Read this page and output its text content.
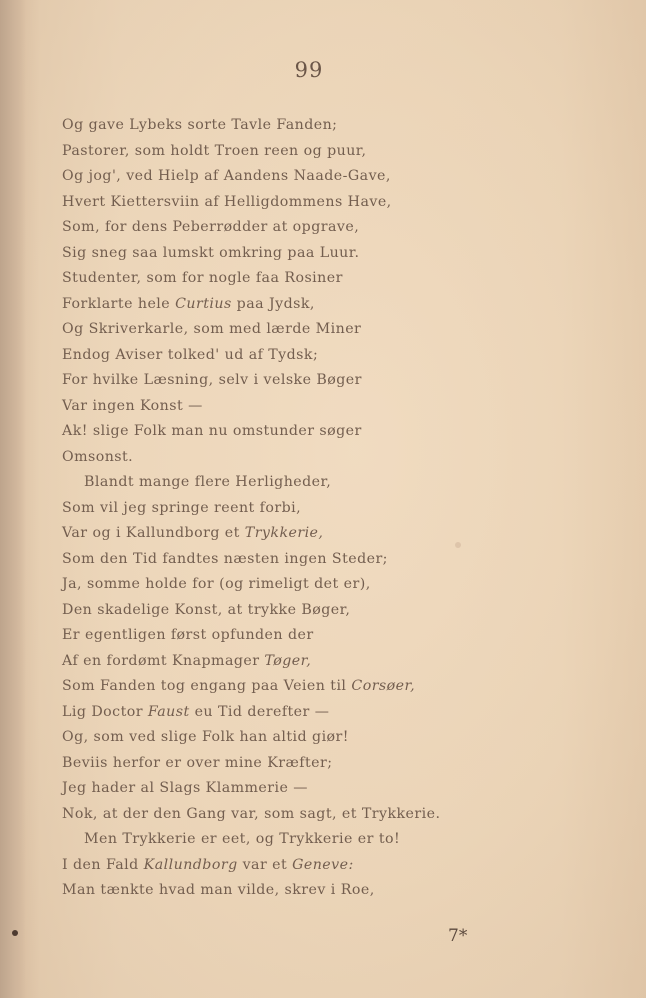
99
Og gave Lybeks sorte Tavle Fanden;
Pastorer, som holdt Troen reen og puur,
Og jog', ved Hielp af Aandens Naade-Gave,
Hvert Kiettersviin af Helligdommens Have,
Som, for dens Peberrødder at opgrave,
Sig sneg saa lumskt omkring paa Luur.
Studenter, som for nogle faa Rosiner
Forklarte hele Curtius paa Jydsk,
Og Skriverkarle, som med lærde Miner
Endog Aviser tolked' ud af Tydsk;
For hvilke Læsning, selv i velske Bøger
Var ingen Konst —
Ak! slige Folk man nu omstunder søger
Omsonst.
Blandt mange flere Herligheder,
Som vil jeg springe reent forbi,
Var og i Kallundborg et Trykkerie,
Som den Tid fandtes næsten ingen Steder;
Ja, somme holde for (og rimeligt det er),
Den skadelige Konst, at trykke Bøger,
Er egentligen først opfunden der
Af en fordømt Knapmager Tøger,
Som Fanden tog engang paa Veien til Corsøer,
Lig Doctor Faust eu Tid derefter —
Og, som ved slige Folk han altid giør!
Beviis herfor er over mine Kræfter;
Jeg hader al Slags Klammerie —
Nok, at der den Gang var, som sagt, et Trykkerie.
Men Trykkerie er eet, og Trykkerie er to!
I den Fald Kallundborg var et Geneve:
Man tænkte hvad man vilde, skrev i Roe,
7*
